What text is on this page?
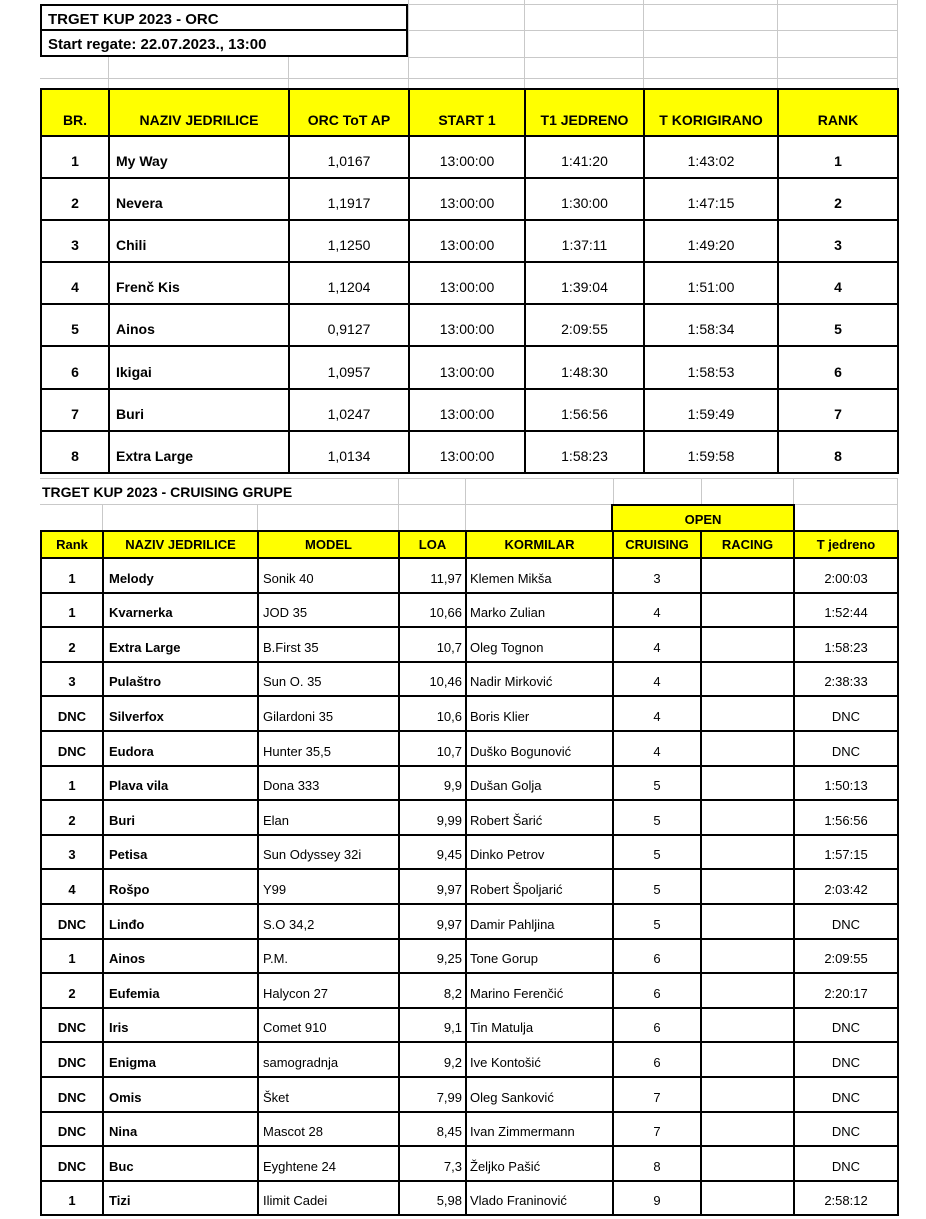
TRGET KUP 2023 - ORC
Start regate: 22.07.2023., 13:00
BR.	NAZIV JEDRILICE	ORC ToT AP	START 1	T1 JEDRENO	T KORIGIRANO	RANK
1	My Way	1,0167	13:00:00	1:41:20	1:43:02	1
2	Nevera	1,1917	13:00:00	1:30:00	1:47:15	2
3	Chili	1,1250	13:00:00	1:37:11	1:49:20	3
4	Frenč Kis	1,1204	13:00:00	1:39:04	1:51:00	4
5	Ainos	0,9127	13:00:00	2:09:55	1:58:34	5
6	Ikigai	1,0957	13:00:00	1:48:30	1:58:53	6
7	Buri	1,0247	13:00:00	1:56:56	1:59:49	7
8	Extra Large	1,0134	13:00:00	1:58:23	1:59:58	8
TRGET KUP 2023 - CRUISING GRUPE
OPEN
Rank	NAZIV JEDRILICE	MODEL	LOA	KORMILAR	CRUISING	RACING	T jedreno
1	Melody	Sonik 40	11,97	Klemen Mikša	3		2:00:03
1	Kvarnerka	JOD 35	10,66	Marko Zulian	4		1:52:44
2	Extra Large	B.First 35	10,7	Oleg Tognon	4		1:58:23
3	Pulaštro	Sun O. 35	10,46	Nadir Mirković	4		2:38:33
DNC	Silverfox	Gilardoni 35	10,6	Boris Klier	4		DNC
DNC	Eudora	Hunter 35,5	10,7	Duško Bogunović	4		DNC
1	Plava vila	Dona 333	9,9	Dušan Golja	5		1:50:13
2	Buri	Elan	9,99	Robert Šarić	5		1:56:56
3	Petisa	Sun Odyssey 32i	9,45	Dinko Petrov	5		1:57:15
4	Rošpo	Y99	9,97	Robert Špoljarić	5		2:03:42
DNC	Linđo	S.O 34,2	9,97	Damir Pahljina	5		DNC
1	Ainos	P.M.	9,25	Tone Gorup	6		2:09:55
2	Eufemia	Halycon 27	8,2	Marino Ferenčić	6		2:20:17
DNC	Iris	Comet 910	9,1	Tin Matulja	6		DNC
DNC	Enigma	samogradnja	9,2	Ive Kontošić	6		DNC
DNC	Omis	Šket	7,99	Oleg Sanković	7		DNC
DNC	Nina	Mascot 28	8,45	Ivan Zimmermann	7		DNC
DNC	Buc	Eyghtene 24	7,3	Željko Pašić	8		DNC
1	Tizi	Ilimit Cadei	5,98	Vlado Franinović	9		2:58:12
